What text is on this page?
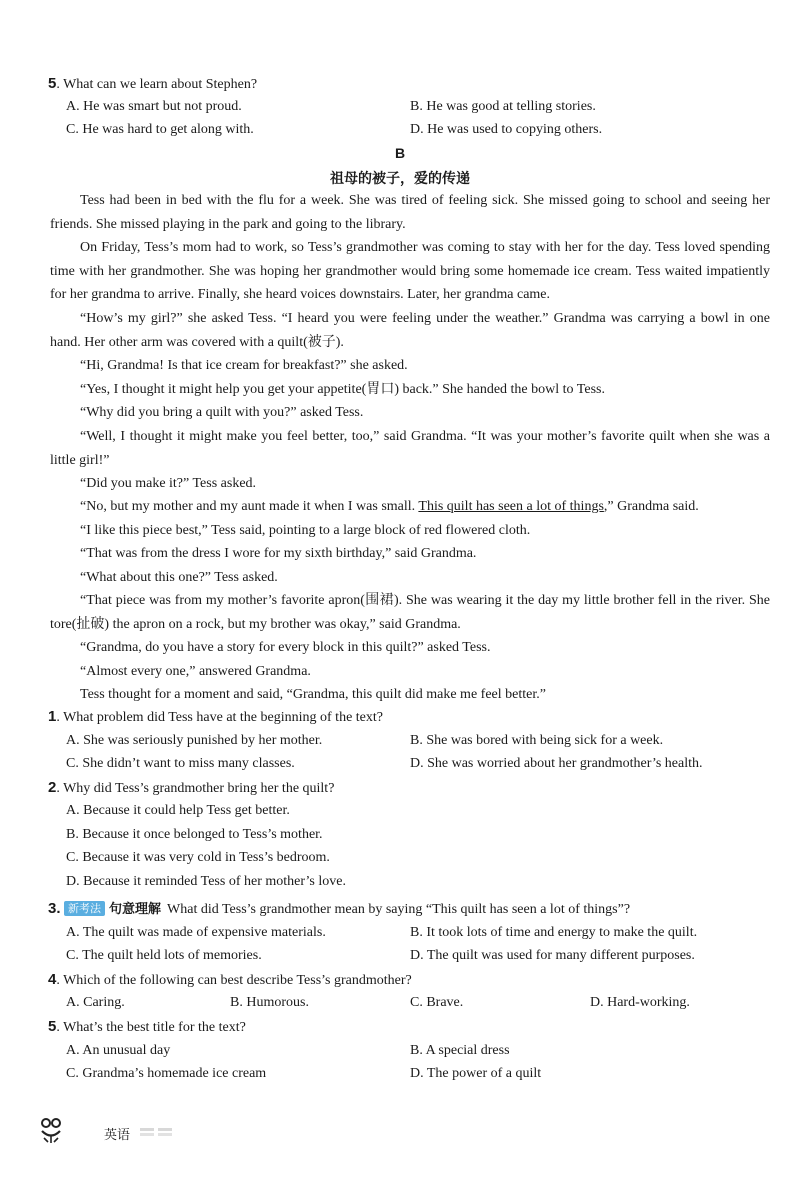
5. What can we learn about Stephen?
A. He was smart but not proud.	B. He was good at telling stories.
C. He was hard to get along with.	D. He was used to copying others.
B
祖母的被子，爱的传递
Tess had been in bed with the flu for a week. She was tired of feeling sick. She missed going to school and seeing her friends. She missed playing in the park and going to the library.
On Friday, Tess’s mom had to work, so Tess’s grandmother was coming to stay with her for the day. Tess loved spending time with her grandmother. She was hoping her grandmother would bring some homemade ice cream. Tess waited impatiently for her grandma to arrive. Finally, she heard voices downstairs. Later, her grandma came.
“How’s my girl?” she asked Tess. “I heard you were feeling under the weather.” Grandma was carrying a bowl in one hand. Her other arm was covered with a quilt(被子).
“Hi, Grandma! Is that ice cream for breakfast?” she asked.
“Yes, I thought it might help you get your appetite(胃口) back.” She handed the bowl to Tess.
“Why did you bring a quilt with you?” asked Tess.
“Well, I thought it might make you feel better, too,” said Grandma. “It was your mother’s favorite quilt when she was a little girl!”
“Did you make it?” Tess asked.
“No, but my mother and my aunt made it when I was small. This quilt has seen a lot of things,” Grandma said.
“I like this piece best,” Tess said, pointing to a large block of red flowered cloth.
“That was from the dress I wore for my sixth birthday,” said Grandma.
“What about this one?” Tess asked.
“That piece was from my mother’s favorite apron(围裙). She was wearing it the day my little brother fell in the river. She tore(扯破) the apron on a rock, but my brother was okay,” said Grandma.
“Grandma, do you have a story for every block in this quilt?” asked Tess.
“Almost every one,” answered Grandma.
Tess thought for a moment and said, “Grandma, this quilt did make me feel better.”
1. What problem did Tess have at the beginning of the text?
A. She was seriously punished by her mother.	B. She was bored with being sick for a week.
C. She didn’t want to miss many classes.	D. She was worried about her grandmother’s health.
2. Why did Tess’s grandmother bring her the quilt?
A. Because it could help Tess get better.
B. Because it once belonged to Tess’s mother.
C. Because it was very cold in Tess’s bedroom.
D. Because it reminded Tess of her mother’s love.
3. 新考法 句意理解 What did Tess’s grandmother mean by saying “This quilt has seen a lot of things”?
A. The quilt was made of expensive materials.	B. It took lots of time and energy to make the quilt.
C. The quilt held lots of memories.	D. The quilt was used for many different purposes.
4. Which of the following can best describe Tess’s grandmother?
A. Caring.	B. Humorous.	C. Brave.	D. Hard-working.
5. What’s the best title for the text?
A. An unusual day	B. A special dress
C. Grandma’s homemade ice cream	D. The power of a quilt
英语
